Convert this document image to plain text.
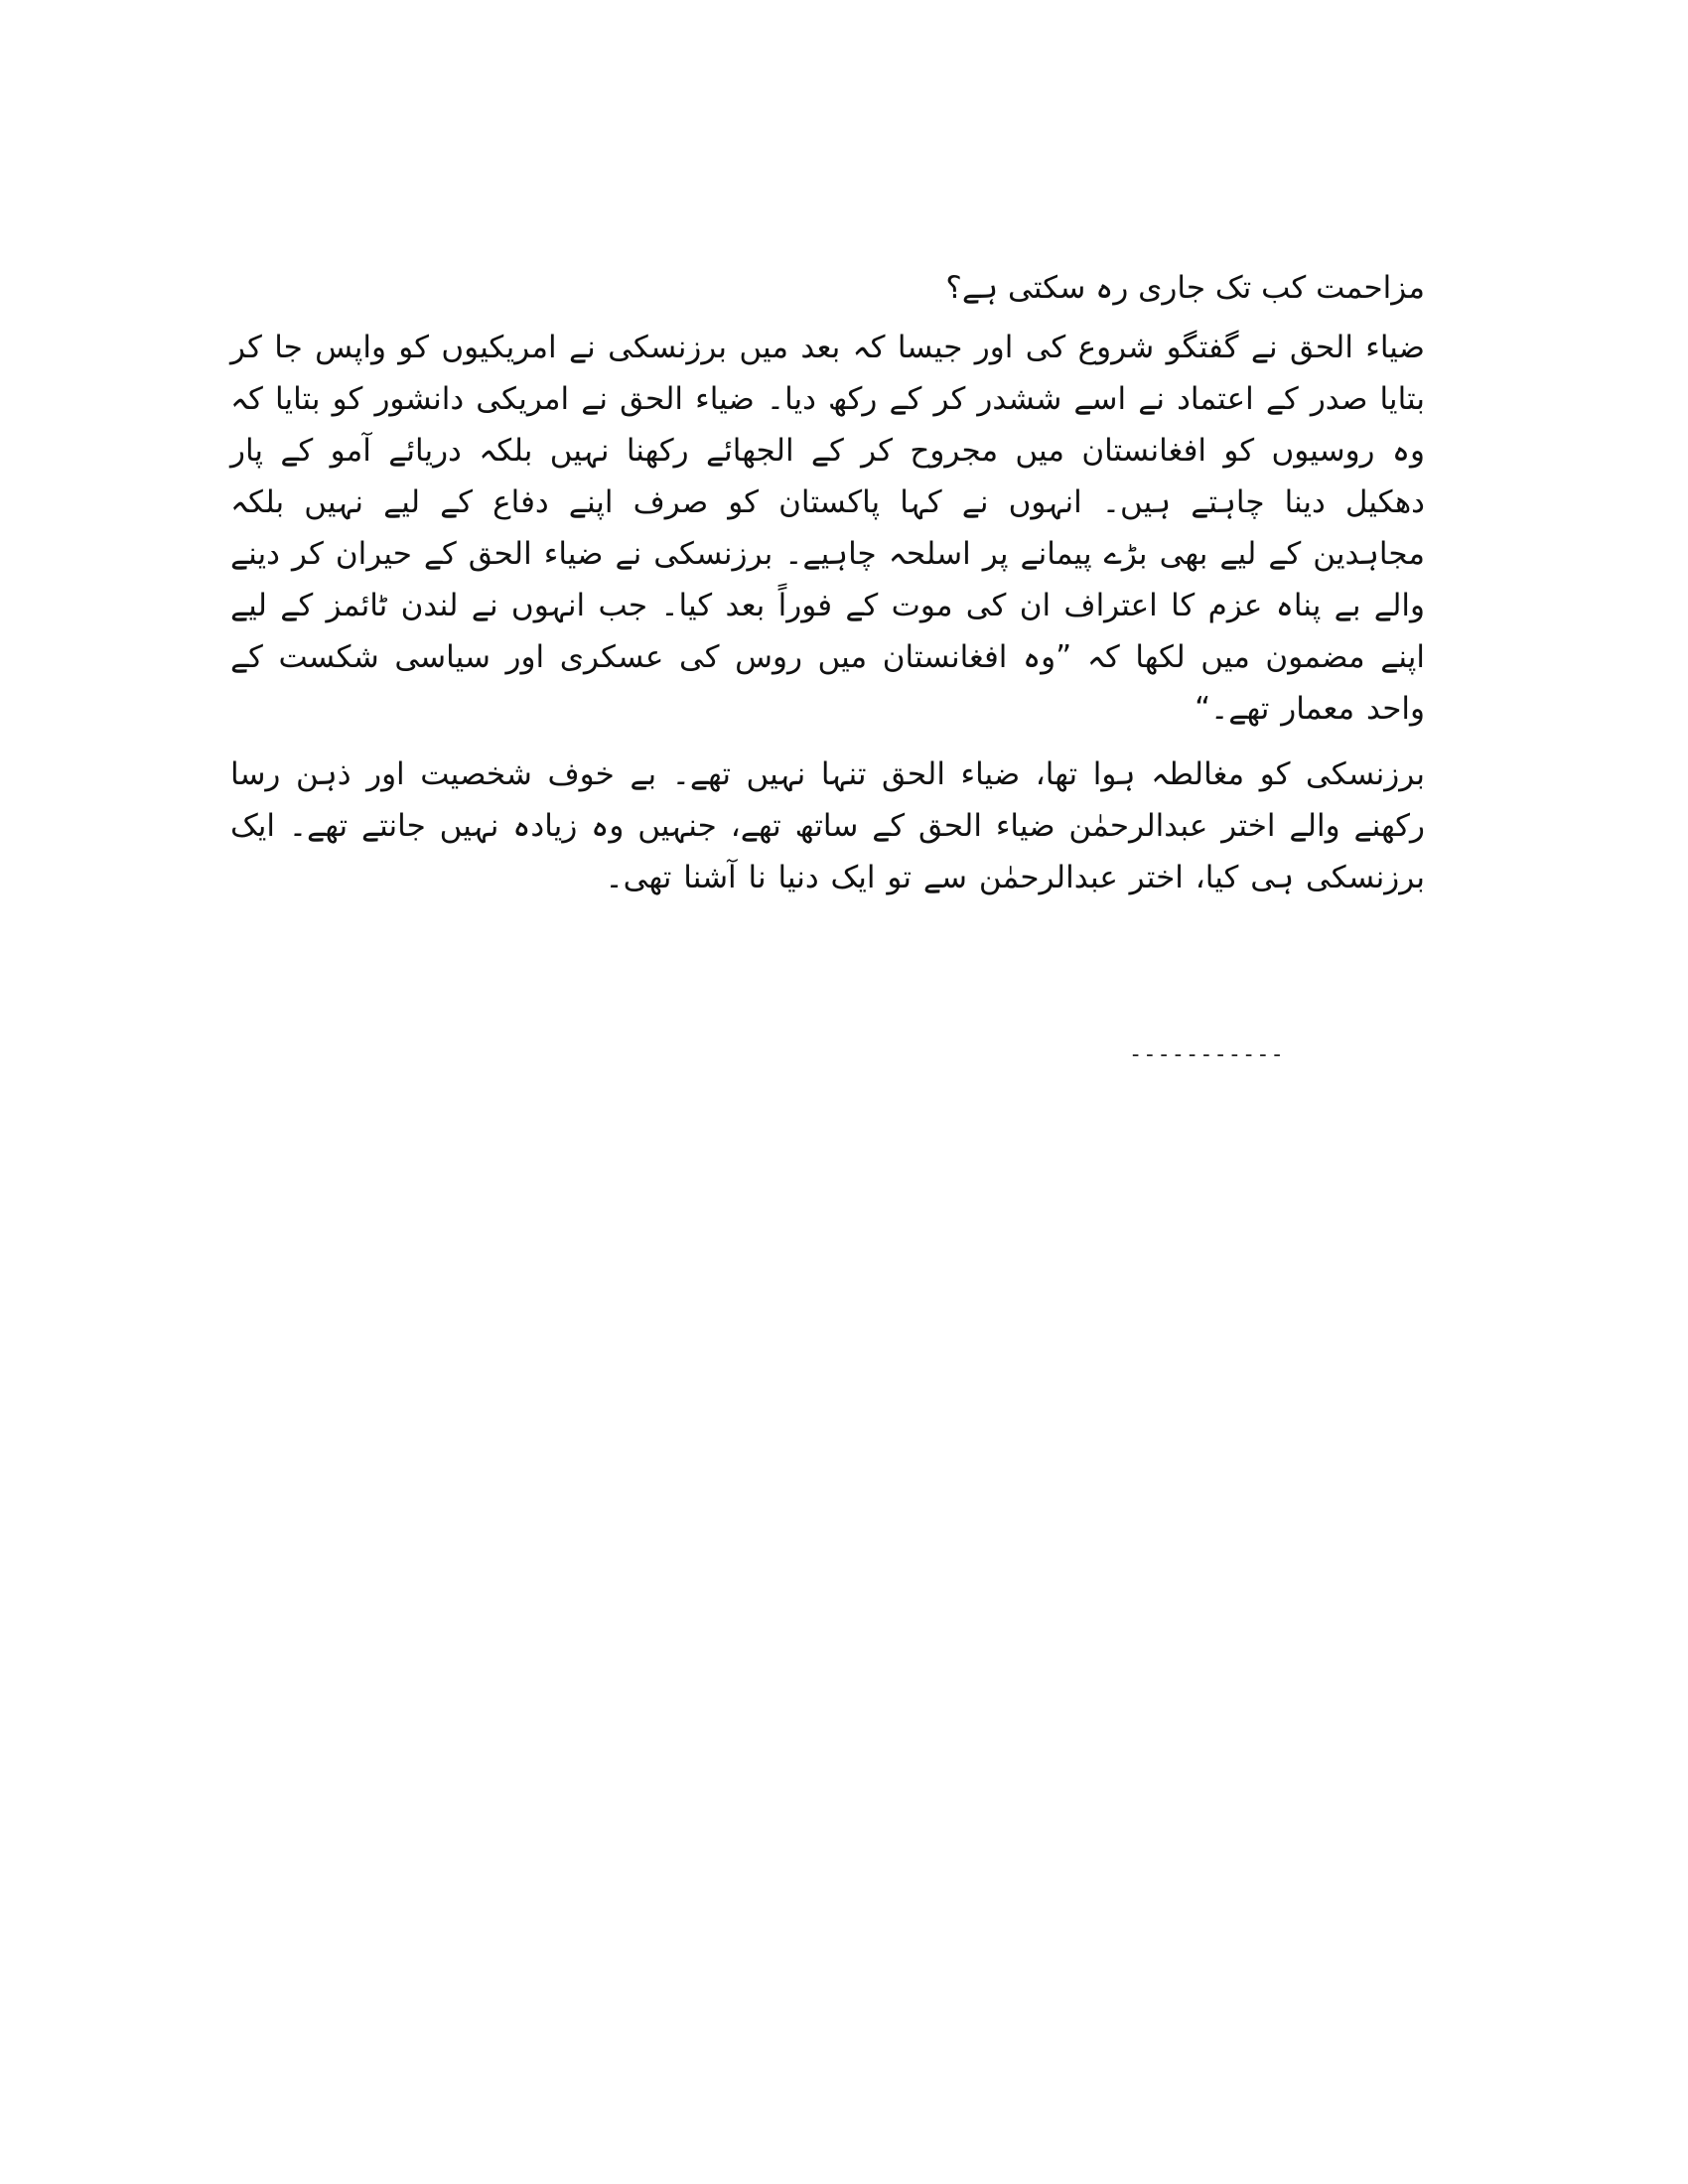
مزاحمت کب تک جاری رہ سکتی ہے؟

ضیاء الحق نے گفتگو شروع کی اور جیسا کہ بعد میں برزنسکی نے امریکیوں کو واپس جا کر بتایا صدر کے اعتماد نے اسے ششدر کر کے رکھ دیا۔ ضیاء الحق نے امریکی دانشور کو بتایا کہ وہ روسیوں کو افغانستان میں مجروح کر کے الجھائے رکھنا نہیں بلکہ دریائے آمو کے پار دھکیل دینا چاہتے ہیں۔ انہوں نے کہا پاکستان کو صرف اپنے دفاع کے لیے نہیں بلکہ مجاہدین کے لیے بھی بڑے پیمانے پر اسلحہ چاہیے۔ برزنسکی نے ضیاء الحق کے حیران کر دینے والے بے پناہ عزم کا اعتراف ان کی موت کے فوراً بعد کیا۔ جب انہوں نے لندن ٹائمز کے لیے اپنے مضمون میں لکھا کہ ”وہ افغانستان میں روس کی عسکری اور سیاسی شکست کے واحد معمار تھے۔“

برزنسکی کو مغالطہ ہوا تھا، ضیاء الحق تنہا نہیں تھے۔ بے خوف شخصیت اور ذہن رسا رکھنے والے اختر عبدالرحمٰن ضیاء الحق کے ساتھ تھے، جنہیں وہ زیادہ نہیں جانتے تھے۔ ایک برزنسکی ہی کیا، اختر عبدالرحمٰن سے تو ایک دنیا نا آشنا تھی۔

-----------
